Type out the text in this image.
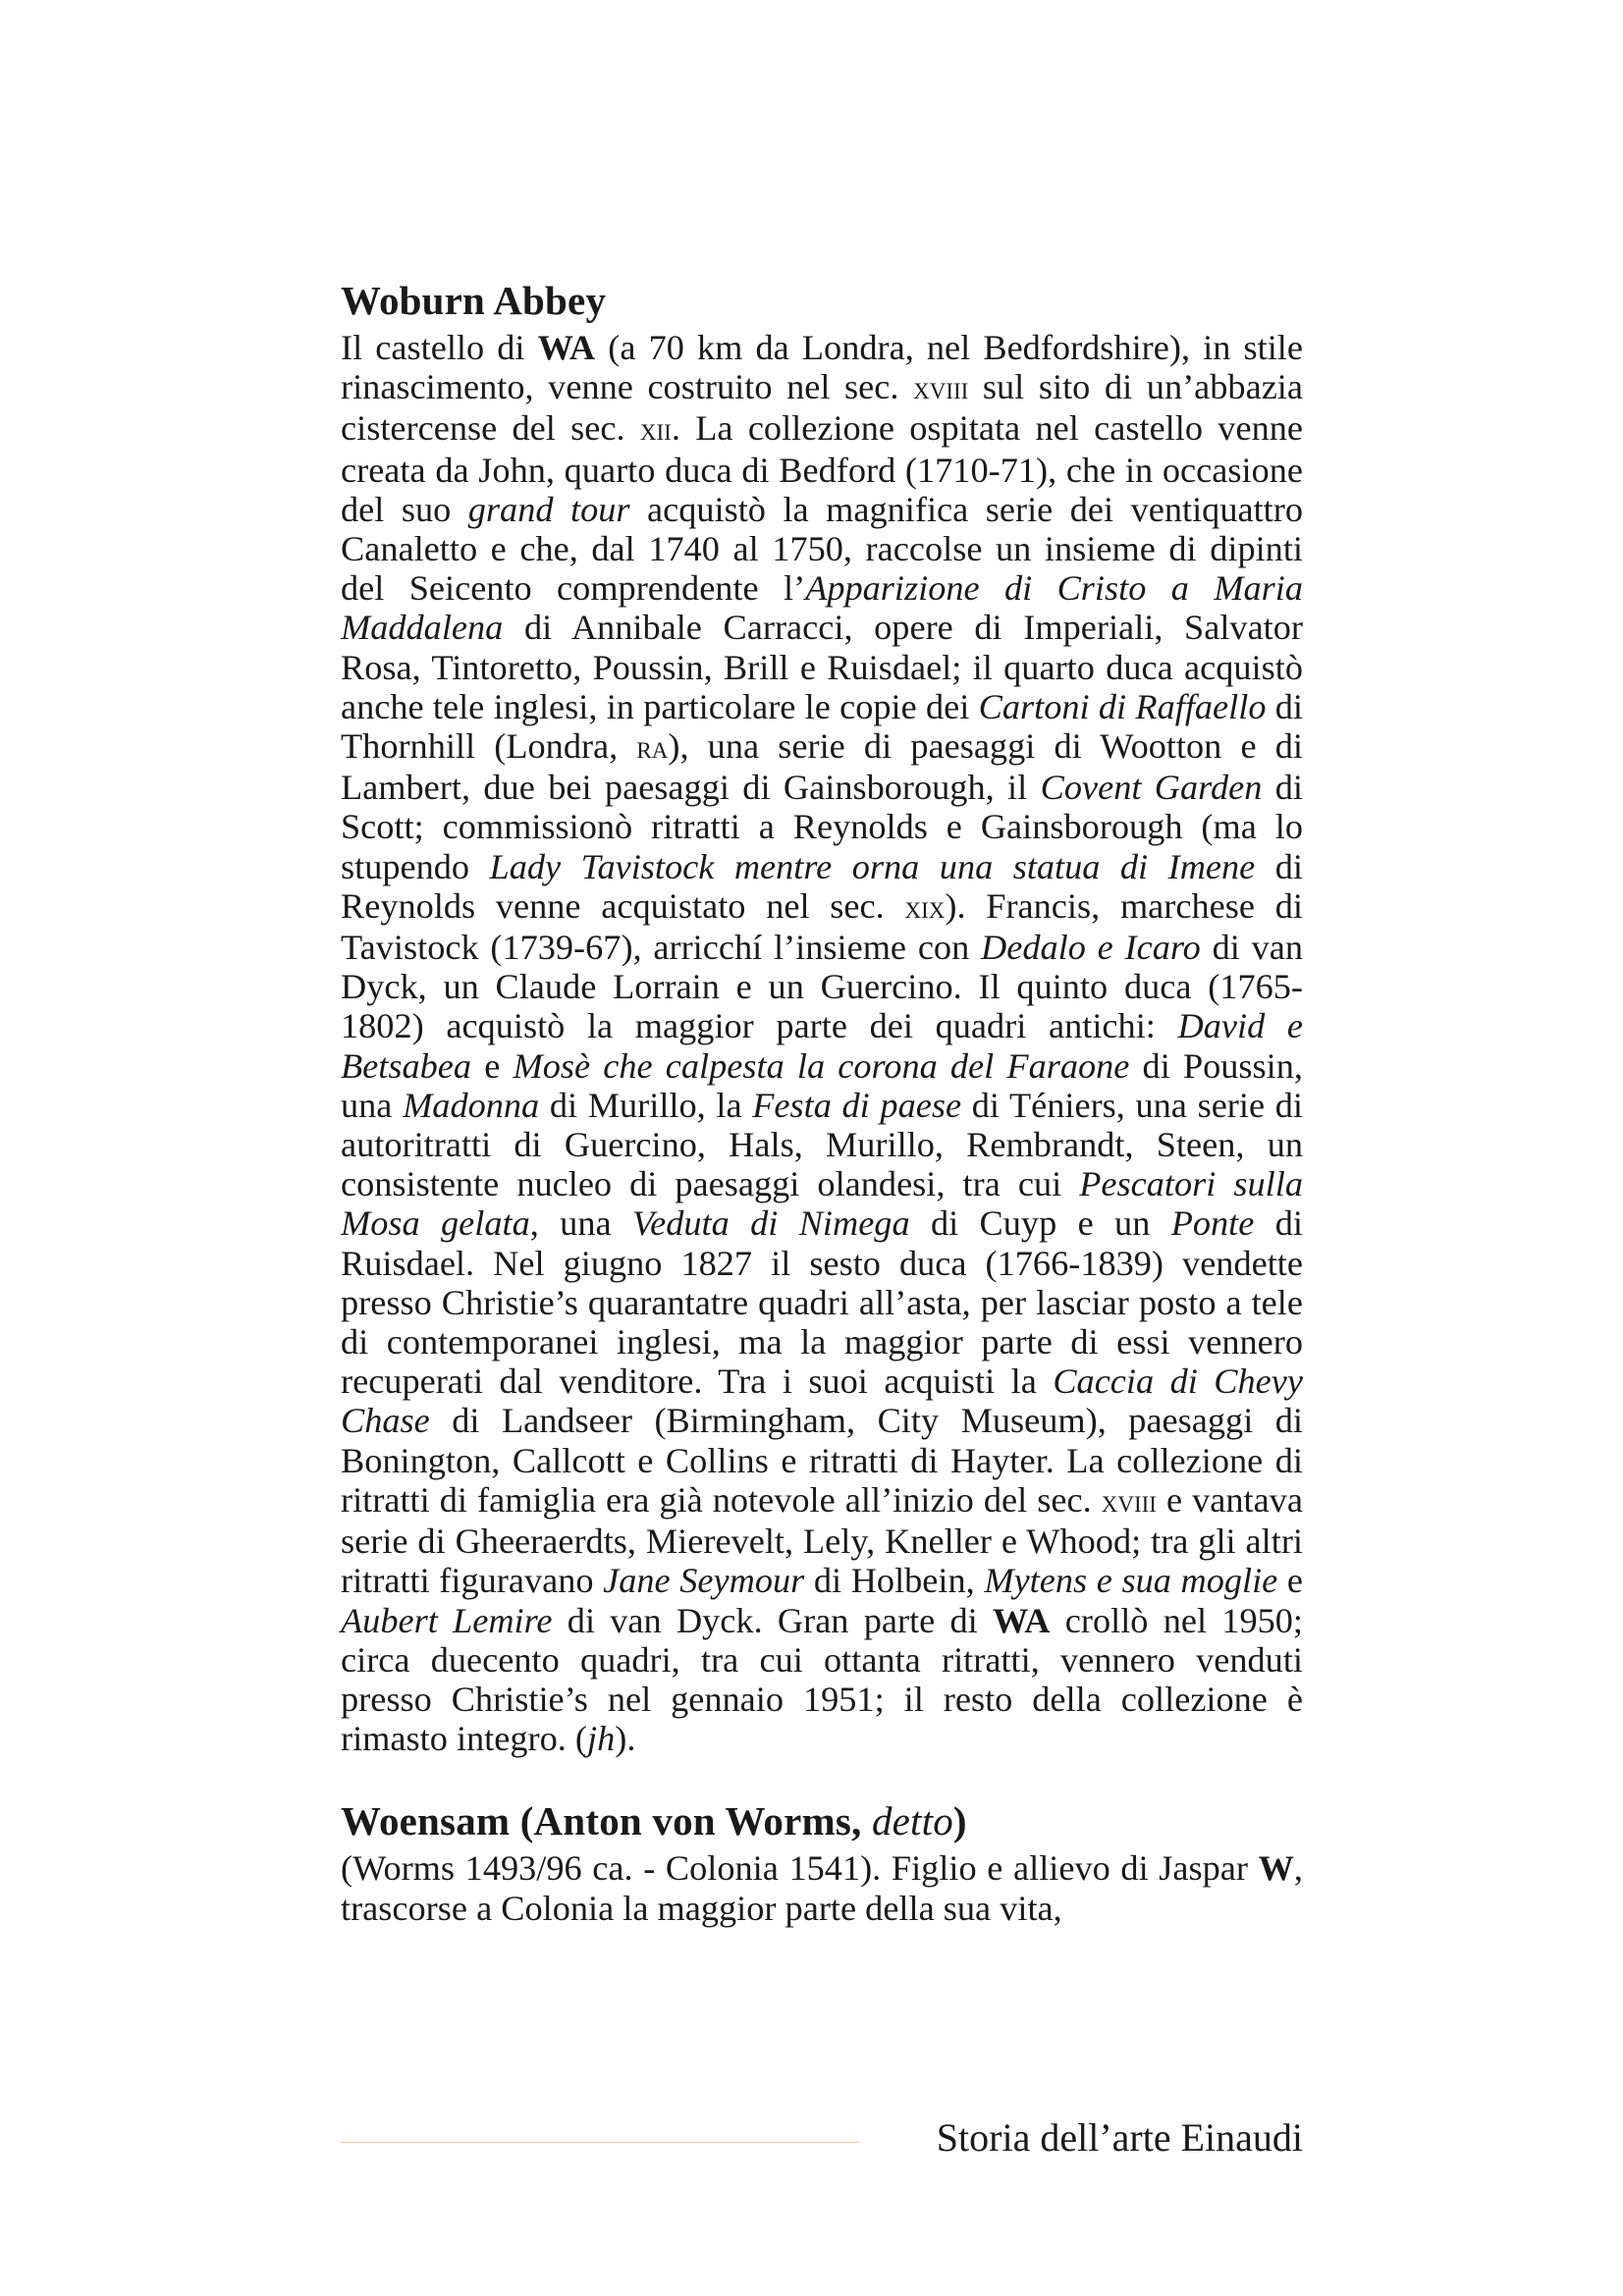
Woburn Abbey

Il castello di WA (a 70 km da Londra, nel Bedfordshire), in stile rinascimento, venne costruito nel sec. xviii sul sito di un’abbazia cistercense del sec. xii. La collezione ospitata nel castello venne creata da John, quarto duca di Bedford (1710-71), che in occasione del suo grand tour acquistò la magnifica serie dei ventiquattro Canaletto e che, dal 1740 al 1750, raccolse un insieme di dipinti del Seicento comprendente l’Apparizione di Cristo a Maria Maddalena di Annibale Carracci, opere di Imperiali, Salvator Rosa, Tintoretto, Poussin, Brill e Ruisdael; il quarto duca acquistò anche tele inglesi, in particolare le copie dei Cartoni di Raffaello di Thornhill (Londra, ra), una serie di paesaggi di Wootton e di Lambert, due bei paesaggi di Gainsborough, il Covent Garden di Scott; commissionò ritratti a Reynolds e Gainsborough (ma lo stupendo Lady Tavistock mentre orna una statua di Imene di Reynolds venne acquistato nel sec. xix). Francis, marchese di Tavistock (1739-67), arricchí l’insieme con Dedalo e Icaro di van Dyck, un Claude Lorrain e un Guercino. Il quinto duca (1765-1802) acquistò la maggior parte dei quadri antichi: David e Betsabea e Mosè che calpesta la corona del Faraone di Poussin, una Madonna di Murillo, la Festa di paese di Téniers, una serie di autoritratti di Guercino, Hals, Murillo, Rembrandt, Steen, un consistente nucleo di paesaggi olandesi, tra cui Pescatori sulla Mosa gelata, una Veduta di Nimega di Cuyp e un Ponte di Ruisdael. Nel giugno 1827 il sesto duca (1766-1839) vendette presso Christie’s quarantatre quadri all’asta, per lasciar posto a tele di contemporanei inglesi, ma la maggior parte di essi vennero recuperati dal venditore. Tra i suoi acquisti la Caccia di Chevy Chase di Landseer (Birmingham, City Museum), paesaggi di Bonington, Callcott e Collins e ritratti di Hayter. La collezione di ritratti di famiglia era già notevole all’inizio del sec. xviii e vantava serie di Gheeraerdts, Mierevelt, Lely, Kneller e Whood; tra gli altri ritratti figuravano Jane Seymour di Holbein, Mytens e sua moglie e Aubert Lemire di van Dyck. Gran parte di WA crollò nel 1950; circa duecento quadri, tra cui ottanta ritratti, vennero venduti presso Christie’s nel gennaio 1951; il resto della collezione è rimasto integro. (jh).

Woensam (Anton von Worms, detto)

(Worms 1493/96 ca. - Colonia 1541). Figlio e allievo di Jaspar W, trascorse a Colonia la maggior parte della sua vita,

Storia dell’arte Einaudi
